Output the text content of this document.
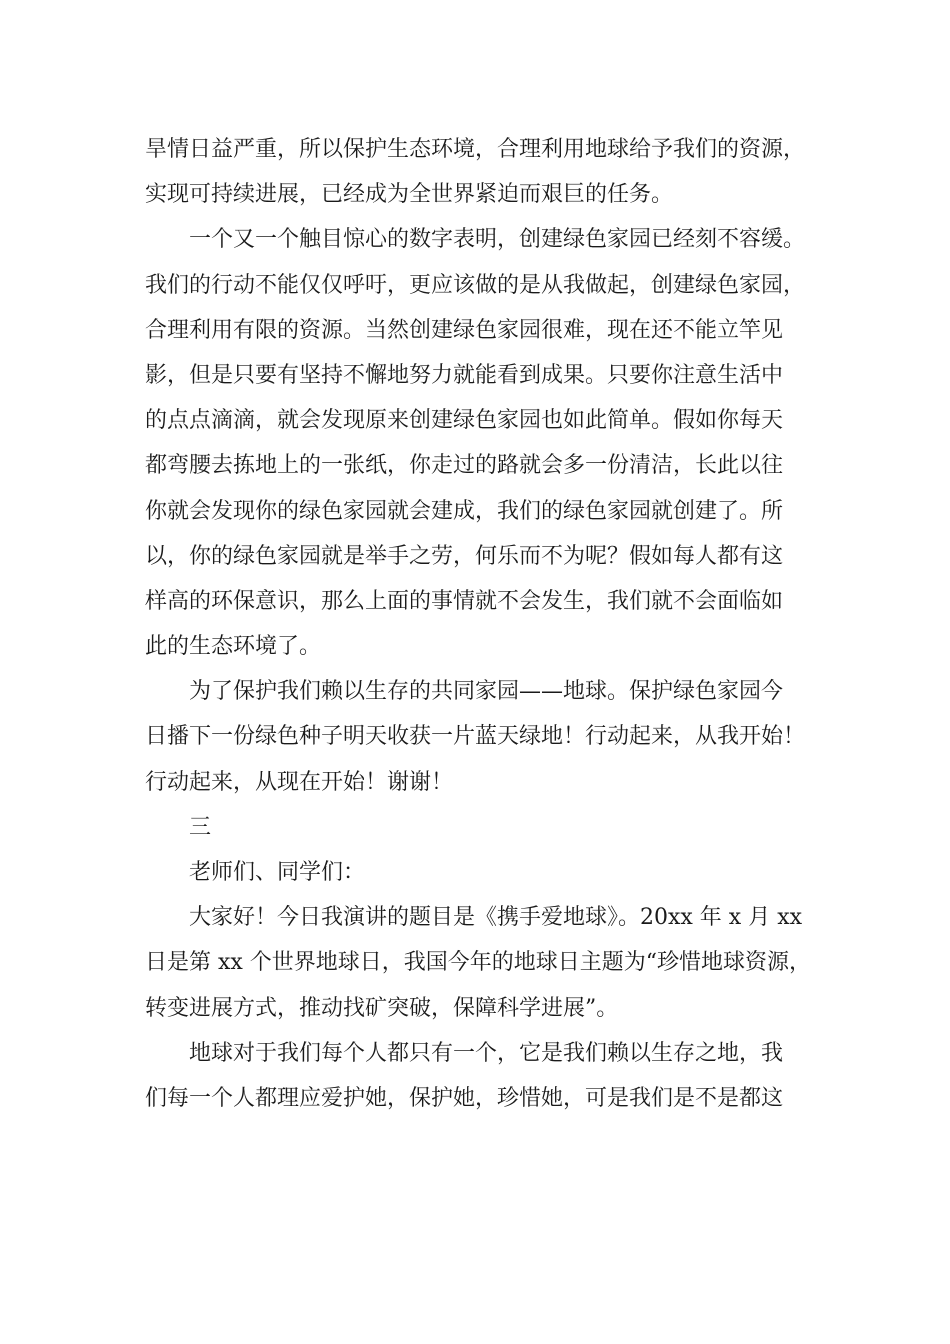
旱情日益严重，所以保护生态环境，合理利用地球给予我们的资源，
实现可持续进展，已经成为全世界紧迫而艰巨的任务。
一个又一个触目惊心的数字表明，创建绿色家园已经刻不容缓。
我们的行动不能仅仅呼吁，更应该做的是从我做起，创建绿色家园，
合理利用有限的资源。当然创建绿色家园很难，现在还不能立竿见
影，但是只要有坚持不懈地努力就能看到成果。只要你注意生活中
的点点滴滴，就会发现原来创建绿色家园也如此简单。假如你每天
都弯腰去拣地上的一张纸，你走过的路就会多一份清洁，长此以往
你就会发现你的绿色家园就会建成，我们的绿色家园就创建了。所
以，你的绿色家园就是举手之劳，何乐而不为呢？假如每人都有这
样高的环保意识，那么上面的事情就不会发生，我们就不会面临如
此的生态环境了。
为了保护我们赖以生存的共同家园——地球。保护绿色家园今
日播下一份绿色种子明天收获一片蓝天绿地！行动起来，从我开始！
行动起来，从现在开始！谢谢！
三
老师们、同学们：
大家好！今日我演讲的题目是《携手爱地球》。20xx 年 x 月 xx
日是第 xx 个世界地球日，我国今年的地球日主题为“珍惜地球资源，
转变进展方式，推动找矿突破，保障科学进展”。
地球对于我们每个人都只有一个，它是我们赖以生存之地，我
们每一个人都理应爱护她，保护她，珍惜她，可是我们是不是都这
